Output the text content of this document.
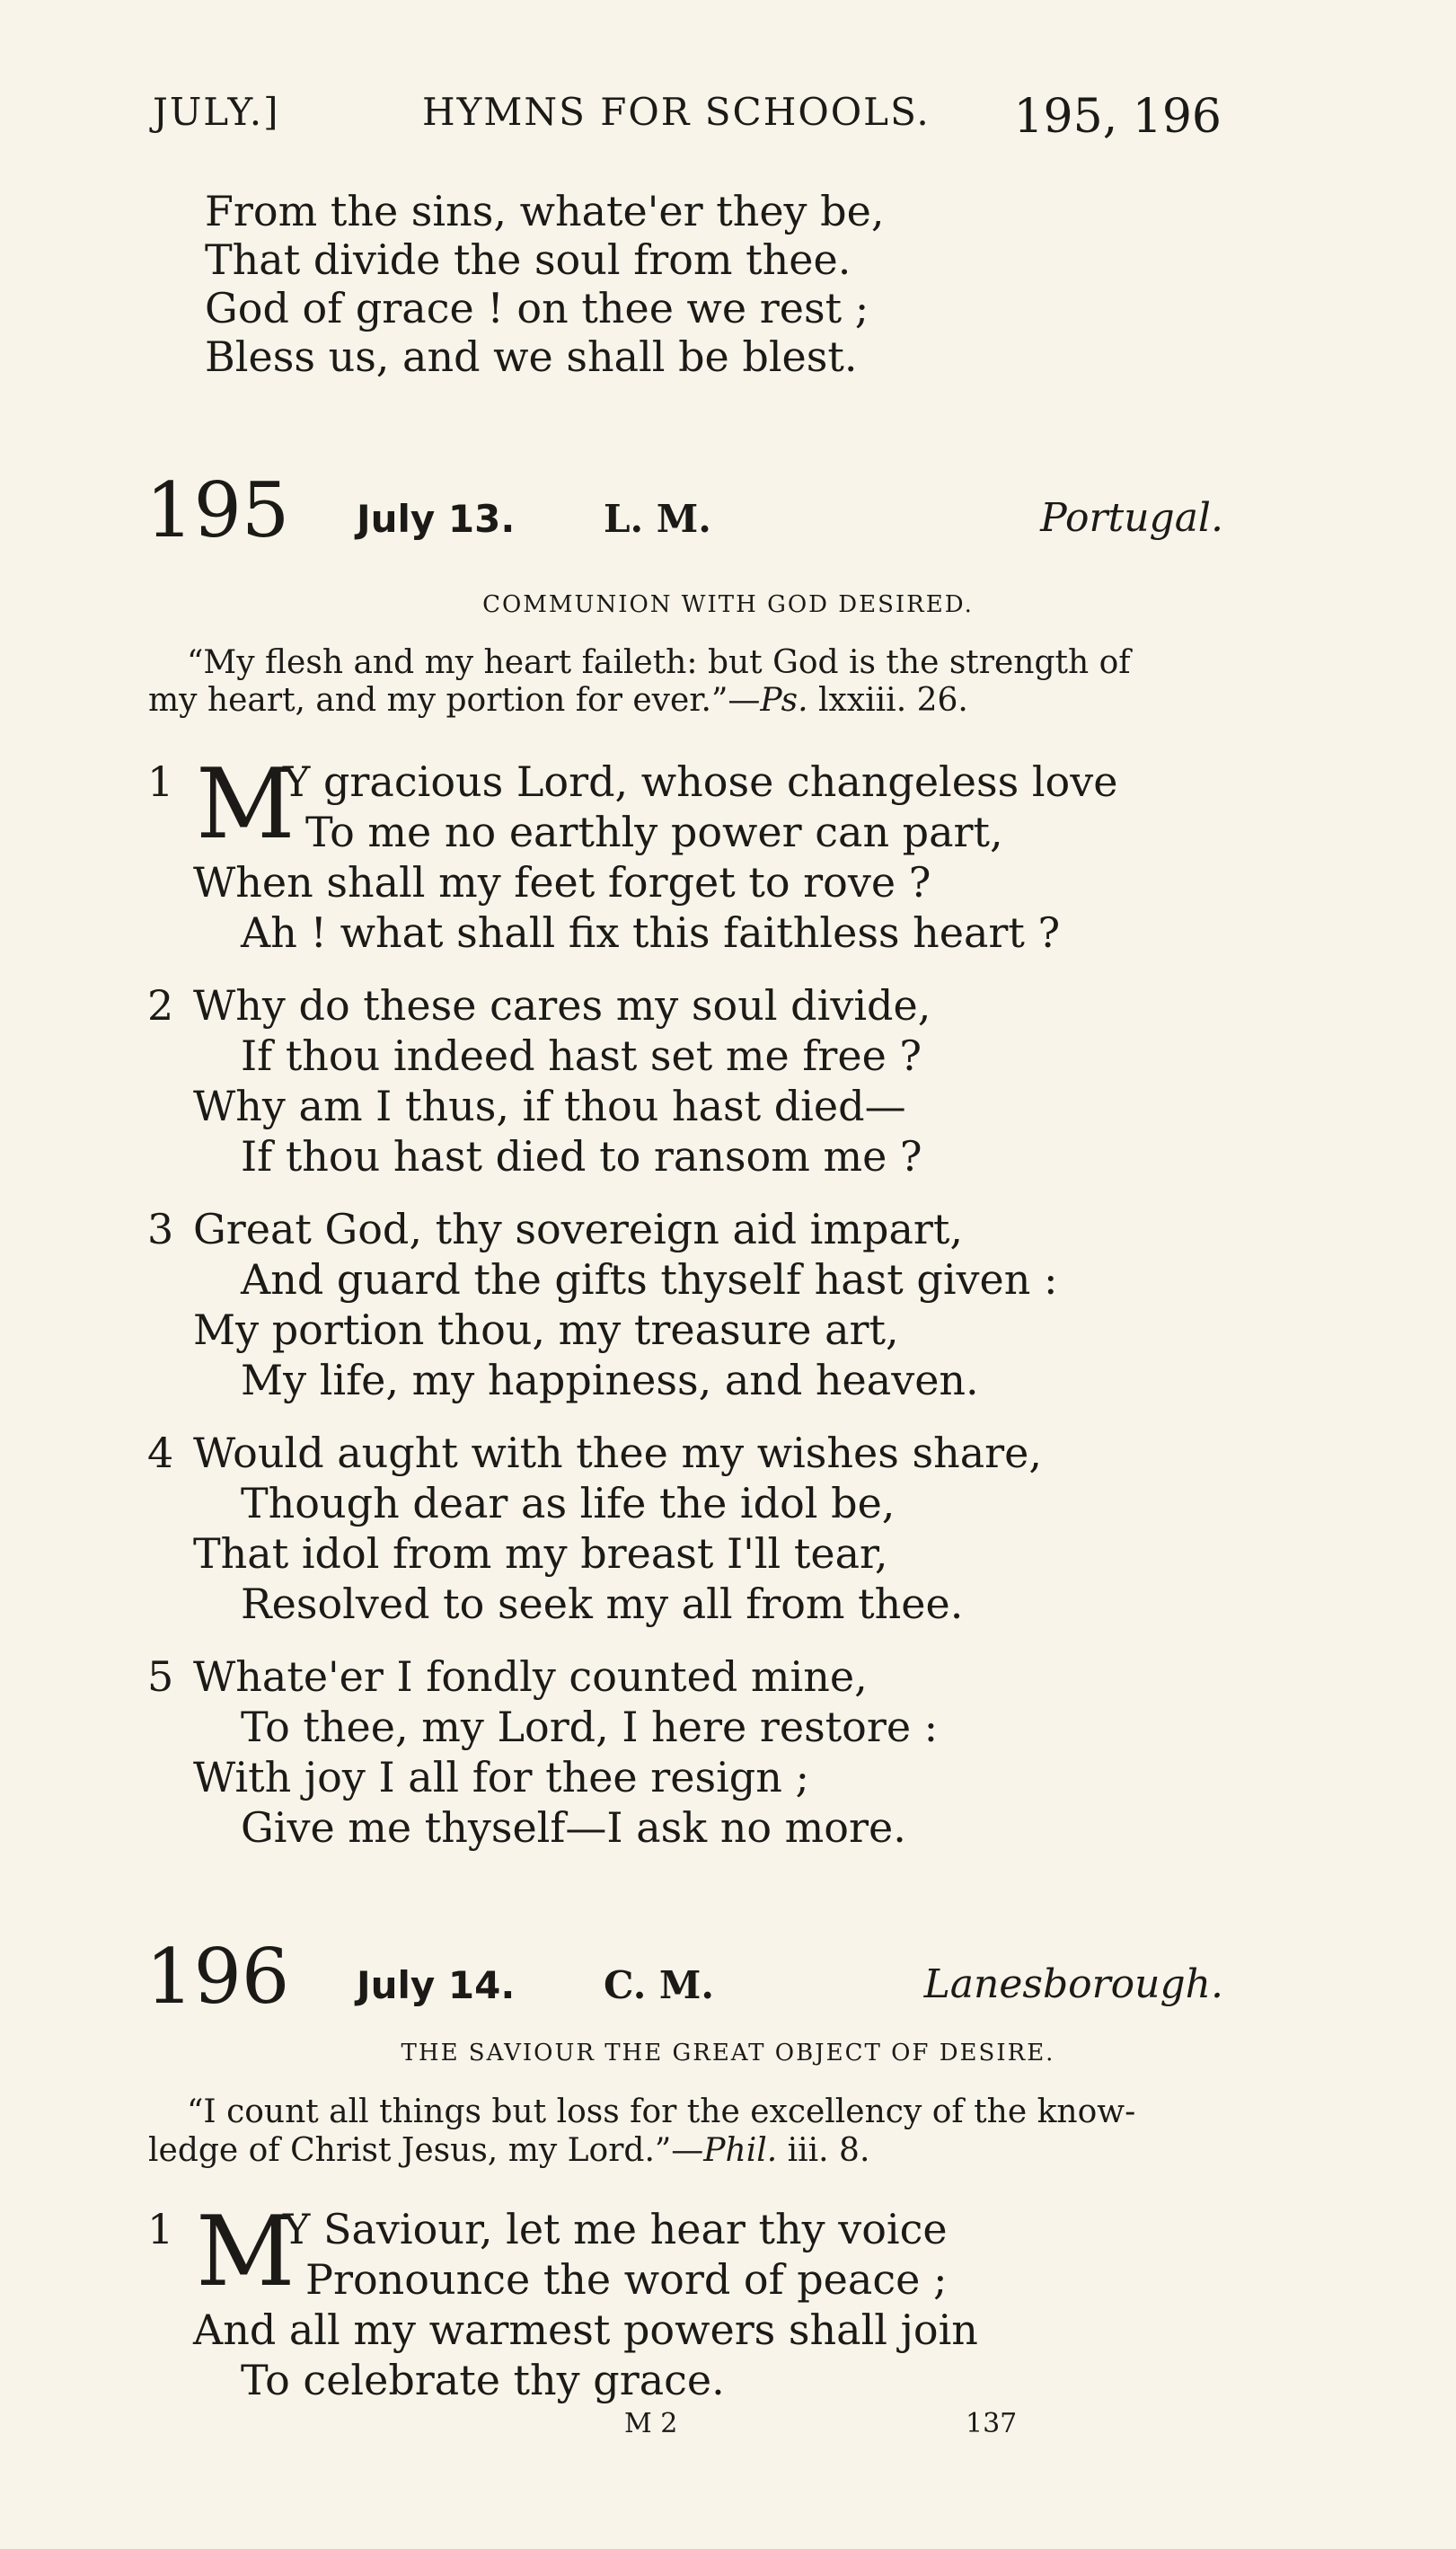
JULY.]	HYMNS FOR SCHOOLS. 195, 196
From the sins, whate'er they be,
That divide the soul from thee.
God of grace ! on thee we rest ;
Bless us, and we shall be blest.
195 July 13. L. M.	Portugal.
COMMUNION WITH GOD DESIRED.
“My flesh and my heart faileth: but God is the strength of
my heart, and my portion for ever.”—Ps. lxxiii. 26.
1 M
Y gracious Lord, whose changeless love
To me no earthly power can part,
When shall my feet forget to rove ?
Ah ! what shall fix this faithless heart ?
2 Why do these cares my soul divide,
If thou indeed hast set me free ?
Why am I thus, if thou hast died—
If thou hast died to ransom me ?
3 Great God, thy sovereign aid impart,
And guard the gifts thyself hast given :
My portion thou, my treasure art,
My life, my happiness, and heaven.
4 Would aught with thee my wishes share,
Though dear as life the idol be,
That idol from my breast I'll tear,
Resolved to seek my all from thee.
5 Whate'er I fondly counted mine,
To thee, my Lord, I here restore :
With joy I all for thee resign ;
Give me thyself—I ask no more.
196 July 14. C. M.	Lanesborough.
THE SAVIOUR THE GREAT OBJECT OF DESIRE.
“I count all things but loss for the excellency of the know-
ledge of Christ Jesus, my Lord.”—Phil. iii. 8.
1 M
Y Saviour, let me hear thy voice
Pronounce the word of peace ;
And all my warmest powers shall join
To celebrate thy grace.
M 2	137
